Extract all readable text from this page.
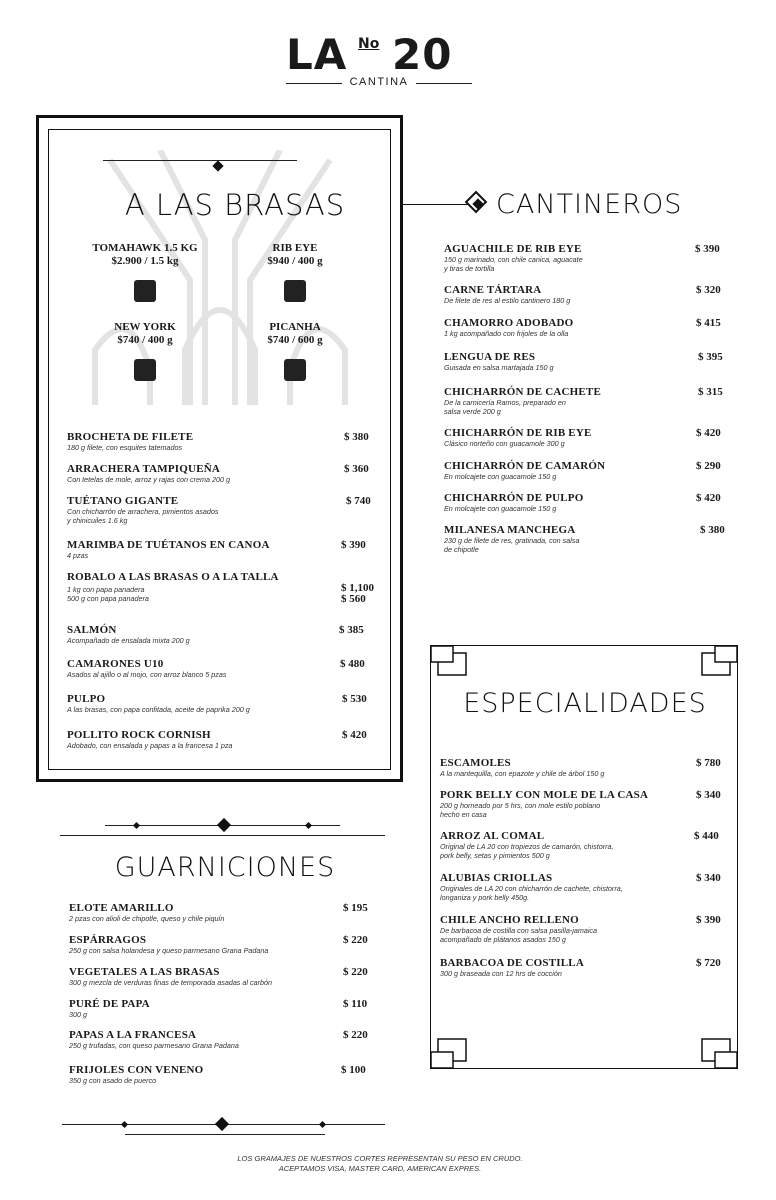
LA No 20
CANTINA
A LAS BRASAS
TOMAHAWK 1.5 KG
$2.900 / 1.5 kg
RIB EYE
$940 / 400 g
NEW YORK
$740 / 400 g
PICANHA
$740 / 600 g
BROCHETA DE FILETE
180 g filete, con esquites tatemados
$ 380
ARRACHERA TAMPIQUEÑA
Con tetelas de mole, arroz y rajas con crema 200 g
$ 360
TUÉTANO GIGANTE
Con chicharrón de arrachera, pimientos asados
y chinicuiles 1.6 kg
$ 740
MARIMBA DE TUÉTANOS EN CANOA
4 pzas
$ 390
ROBALO A LAS BRASAS O A LA TALLA
1 kg con papa panadera
500 g con papa panadera
$ 1,100
$ 560
SALMÓN
Acompañado de ensalada mixta 200 g
$ 385
CAMARONES U10
Asados al ajillo o al mojo, con arroz blanco 5 pzas
$ 480
PULPO
A las brasas, con papa confitada, aceite de paprika 200 g
$ 530
POLLITO ROCK CORNISH
Adobado, con ensalada y papas a la francesa 1 pza
$ 420
CANTINEROS
AGUACHILE DE RIB EYE
150 g marinado, con chile canica, aguacate
y tiras de tortilla
$ 390
CARNE TÁRTARA
De filete de res al estilo cantinero 180 g
$ 320
CHAMORRO ADOBADO
1 kg acompañado con frijoles de la olla
$ 415
LENGUA DE RES
Guisada en salsa martajada 150 g
$ 395
CHICHARRÓN DE CACHETE
De la carnicería Ramos, preparado en
salsa verde 200 g
$ 315
CHICHARRÓN DE RIB EYE
Clásico norteño con guacamole 300 g
$ 420
CHICHARRÓN DE CAMARÓN
En molcajete con guacamole 150 g
$ 290
CHICHARRÓN DE PULPO
En molcajete con guacamole 150 g
$ 420
MILANESA MANCHEGA
230 g de filete de res, gratinada, con salsa
de chipotle
$ 380
ESPECIALIDADES
ESCAMOLES
A la mantequilla, con epazote y chile de árbol 150 g
$ 780
PORK BELLY CON MOLE DE LA CASA
200 g horneado por 5 hrs, con mole estilo poblano
hecho en casa
$ 340
ARROZ AL COMAL
Original de LA 20 con tropiezos de camarón, chistorra,
pork belly, setas y pimientos 500 g
$ 440
ALUBIAS CRIOLLAS
Originales de LA 20 con chicharrón de cachete, chistorra,
longaniza y pork belly 450g.
$ 340
CHILE ANCHO RELLENO
De barbacoa de costilla con salsa pasilla-jamaica
acompañado de plátanos asados 150 g
$ 390
BARBACOA DE COSTILLA
300 g braseada con 12 hrs de cocción
$ 720
GUARNICIONES
ELOTE AMARILLO
2 pzas con alioli de chipotle, queso y chile piquín
$ 195
ESPÁRRAGOS
250 g con salsa holandesa y queso parmesano Grana Padana
$ 220
VEGETALES A LAS BRASAS
300 g mezcla de verduras finas de temporada asadas al carbón
$ 220
PURÉ DE PAPA
300 g
$ 110
PAPAS A LA FRANCESA
250 g trufadas, con queso parmesano Grana Padana
$ 220
FRIJOLES CON VENENO
350 g con asado de puerco
$ 100
LOS GRAMAJES DE NUESTROS CORTES REPRESENTAN SU PESO EN CRUDO.
ACEPTAMOS VISA, MASTER CARD, AMERICAN EXPRES.
